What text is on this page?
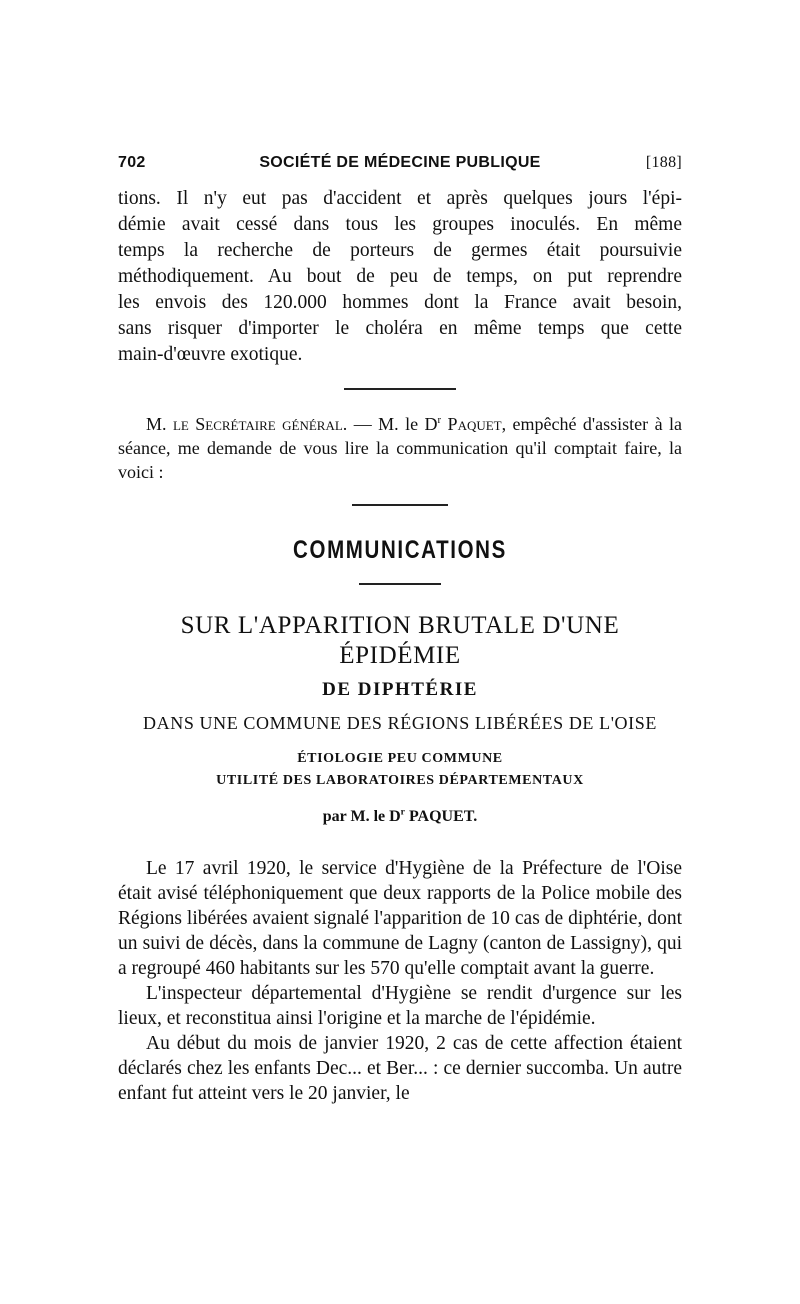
702	SOCIÉTÉ DE MÉDECINE PUBLIQUE	[188]
tions. Il n'y eut pas d'accident et après quelques jours l'épi-
démie avait cessé dans tous les groupes inoculés. En même
temps la recherche de porteurs de germes était poursuivie
méthodiquement. Au bout de peu de temps, on put reprendre
les envois des 120.000 hommes dont la France avait besoin,
sans risquer d'importer le choléra en même temps que cette
main-d'œuvre exotique.

M. le Secrétaire général. — M. le $D^r$ Paquet, empêché d'assister à la séance, me demande de vous lire la communication qu'il comptait faire, la voici :

COMMUNICATIONS
SUR L'APPARITION BRUTALE D'UNE ÉPIDÉMIE
DE DIPHTÉRIE
DANS UNE COMMUNE DES RÉGIONS LIBÉRÉES DE L'OISE
ÉTIOLOGIE PEU COMMUNE
UTILITÉ DES LABORATOIRES DÉPARTEMENTAUX
par M. le $D^r$ PAQUET.

Le 17 avril 1920, le service d'Hygiène de la Préfecture de l'Oise était avisé téléphoniquement que deux rapports de la Police mobile des Régions libérées avaient signalé l'apparition de 10 cas de diphtérie, dont un suivi de décès, dans la commune de Lagny (canton de Lassigny), qui a regroupé 460 habitants sur les 570 qu'elle comptait avant la guerre.

L'inspecteur départemental d'Hygiène se rendit d'urgence sur les lieux, et reconstitua ainsi l'origine et la marche de l'épidémie.

Au début du mois de janvier 1920, 2 cas de cette affection étaient déclarés chez les enfants Dec... et Ber... : ce dernier succomba. Un autre enfant fut atteint vers le 20 janvier, le
